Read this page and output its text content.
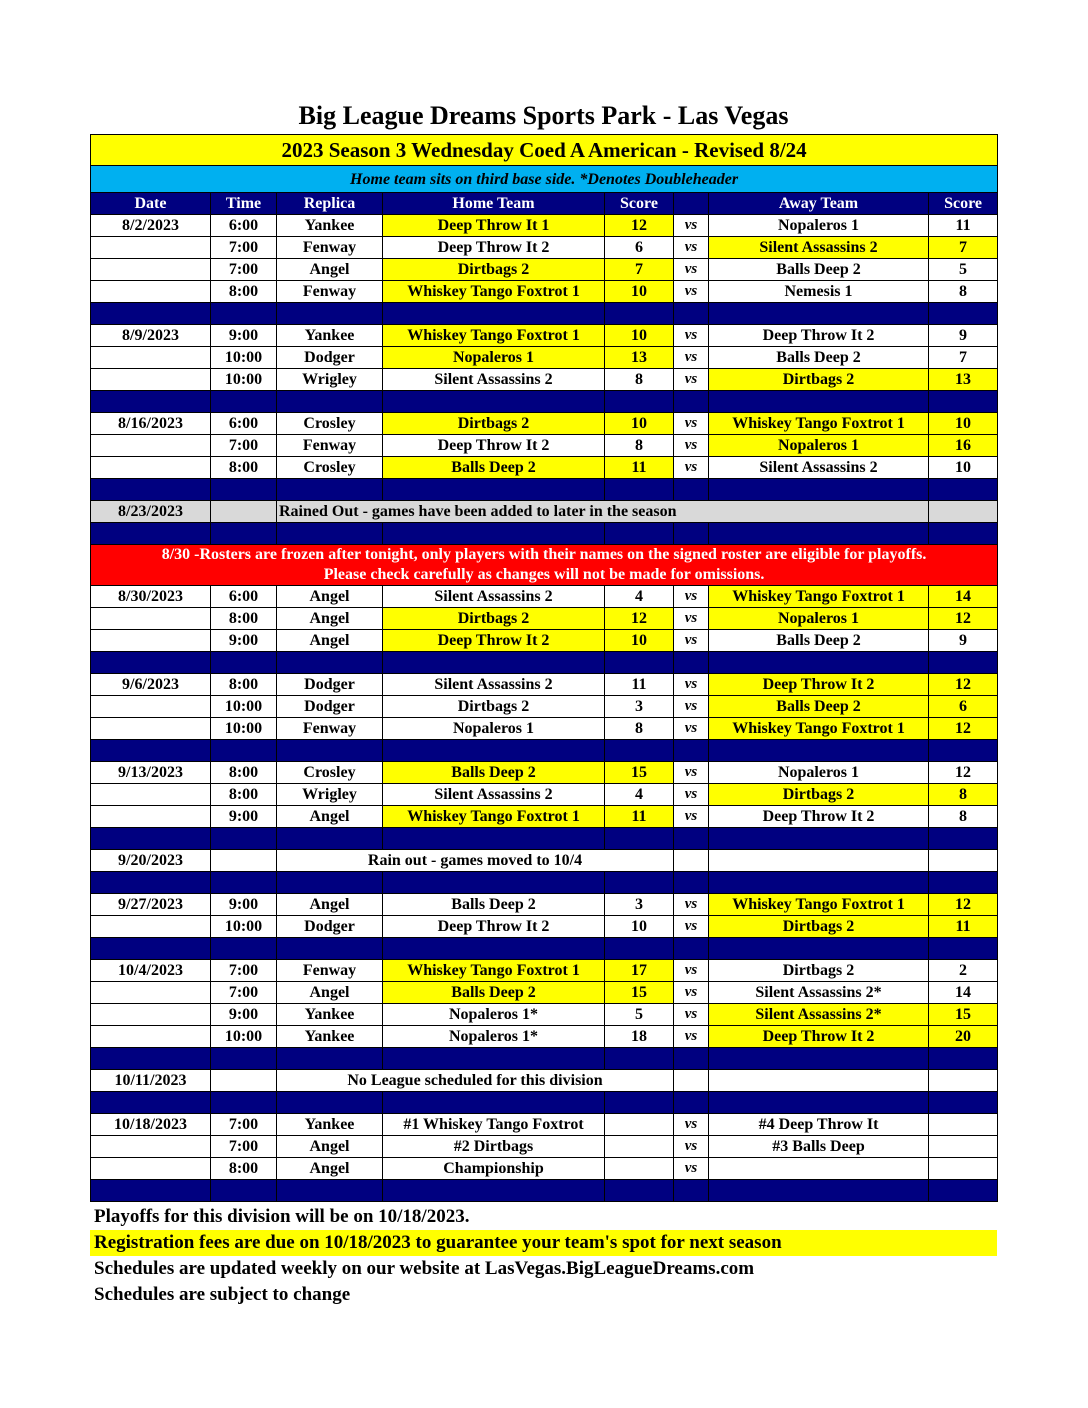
Big League Dreams Sports Park - Las Vegas
2023 Season 3 Wednesday Coed A American - Revised 8/24							
Home team sits on third base side. *Denotes Doubleheader							
Date	Time	Replica	Home Team	Score		Away Team	Score
8/2/2023	6:00	Yankee	Deep Throw It 1	12	vs	Nopaleros 1	11
	7:00	Fenway	Deep Throw It 2	6	vs	Silent Assassins 2	7
	7:00	Angel	Dirtbags 2	7	vs	Balls Deep 2	5
	8:00	Fenway	Whiskey Tango Foxtrot 1	10	vs	Nemesis 1	8

8/9/2023	9:00	Yankee	Whiskey Tango Foxtrot 1	10	vs	Deep Throw It 2	9
	10:00	Dodger	Nopaleros 1	13	vs	Balls Deep 2	7
	10:00	Wrigley	Silent Assassins 2	8	vs	Dirtbags 2	13

8/16/2023	6:00	Crosley	Dirtbags 2	10	vs	Whiskey Tango Foxtrot 1	10
	7:00	Fenway	Deep Throw It 2	8	vs	Nopaleros 1	16
	8:00	Crosley	Balls Deep 2	11	vs	Silent Assassins 2	10

8/23/2023		Rained Out - games have been added to later in the season					

8/30 -Rosters are frozen after tonight, only players with their names on the signed roster are eligible for playoffs.
Please check carefully as changes will not be made for omissions.							

8/30/2023	6:00	Angel	Silent Assassins 2	4	vs	Whiskey Tango Foxtrot 1	14
	8:00	Angel	Dirtbags 2	12	vs	Nopaleros 1	12
	9:00	Angel	Deep Throw It 2	10	vs	Balls Deep 2	9

9/6/2023	8:00	Dodger	Silent Assassins 2	11	vs	Deep Throw It 2	12
	10:00	Dodger	Dirtbags 2	3	vs	Balls Deep 2	6
	10:00	Fenway	Nopaleros 1	8	vs	Whiskey Tango Foxtrot 1	12

9/13/2023	8:00	Crosley	Balls Deep 2	15	vs	Nopaleros 1	12
	8:00	Wrigley	Silent Assassins 2	4	vs	Dirtbags 2	8
	9:00	Angel	Whiskey Tango Foxtrot 1	11	vs	Deep Throw It 2	8

9/20/2023		Rain out - games moved to 10/4					

9/27/2023	9:00	Angel	Balls Deep 2	3	vs	Whiskey Tango Foxtrot 1	12
	10:00	Dodger	Deep Throw It 2	10	vs	Dirtbags 2	11

10/4/2023	7:00	Fenway	Whiskey Tango Foxtrot 1	17	vs	Dirtbags 2	2
	7:00	Angel	Balls Deep 2	15	vs	Silent Assassins 2*	14
	9:00	Yankee	Nopaleros 1*	5	vs	Silent Assassins 2*	15
	10:00	Yankee	Nopaleros 1*	18	vs	Deep Throw It 2	20

10/11/2023		No League scheduled for this division					

10/18/2023	7:00	Yankee	#1 Whiskey Tango Foxtrot		vs	#4 Deep Throw It	
	7:00	Angel	#2 Dirtbags		vs	#3 Balls Deep	
	8:00	Angel	Championship		vs		

Playoffs for this division will be on 10/18/2023.
Registration fees are due on 10/18/2023 to guarantee your team's spot for next season
Schedules are updated weekly on our website at LasVegas.BigLeagueDreams.com
Schedules are subject to change
